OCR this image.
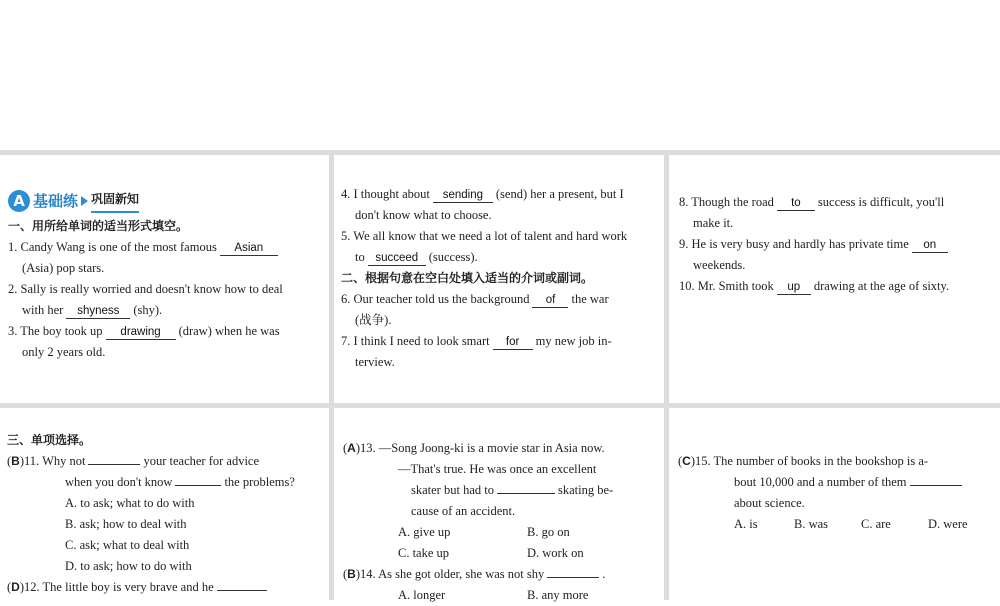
A 基础练 巩固新知
一、用所给单词的适当形式填空。
1. Candy Wang is one of the most famous Asian
(Asia) pop stars.
2. Sally is really worried and doesn't know how to deal
with her shyness (shy).
3. The boy took up drawing (draw) when he was
only 2 years old.
4. I thought about sending (send) her a present, but I
don't know what to choose.
5. We all know that we need a lot of talent and hard work
to succeed (success).
二、根据句意在空白处填入适当的介词或副词。
6. Our teacher told us the background of the war
(战争).
7. I think I need to look smart for my new job in-
terview.
8. Though the road to success is difficult, you'll
make it.
9. He is very busy and hardly has private time on
weekends.
10. Mr. Smith took up drawing at the age of sixty.
三、单项选择。
(B)11. Why not	your teacher for advice
when you don't know	the problems?
A. to ask; what to do with
B. ask; how to deal with
C. ask; what to deal with
D. to ask; how to do with
(D)12. The little boy is very brave and he
(A)13. —Song Joong-ki is a movie star in Asia now.
—That's true. He was once an excellent
skater but had to	skating be-
cause of an accident.
A. give up	B. go on
C. take up	D. work on
(B)14. As she got older, she was not shy	.
A. longer	B. any more
(C)15. The number of books in the bookshop is a-
bout 10,000 and a number of them
about science.
A. is	B. was	C. are	D. were
